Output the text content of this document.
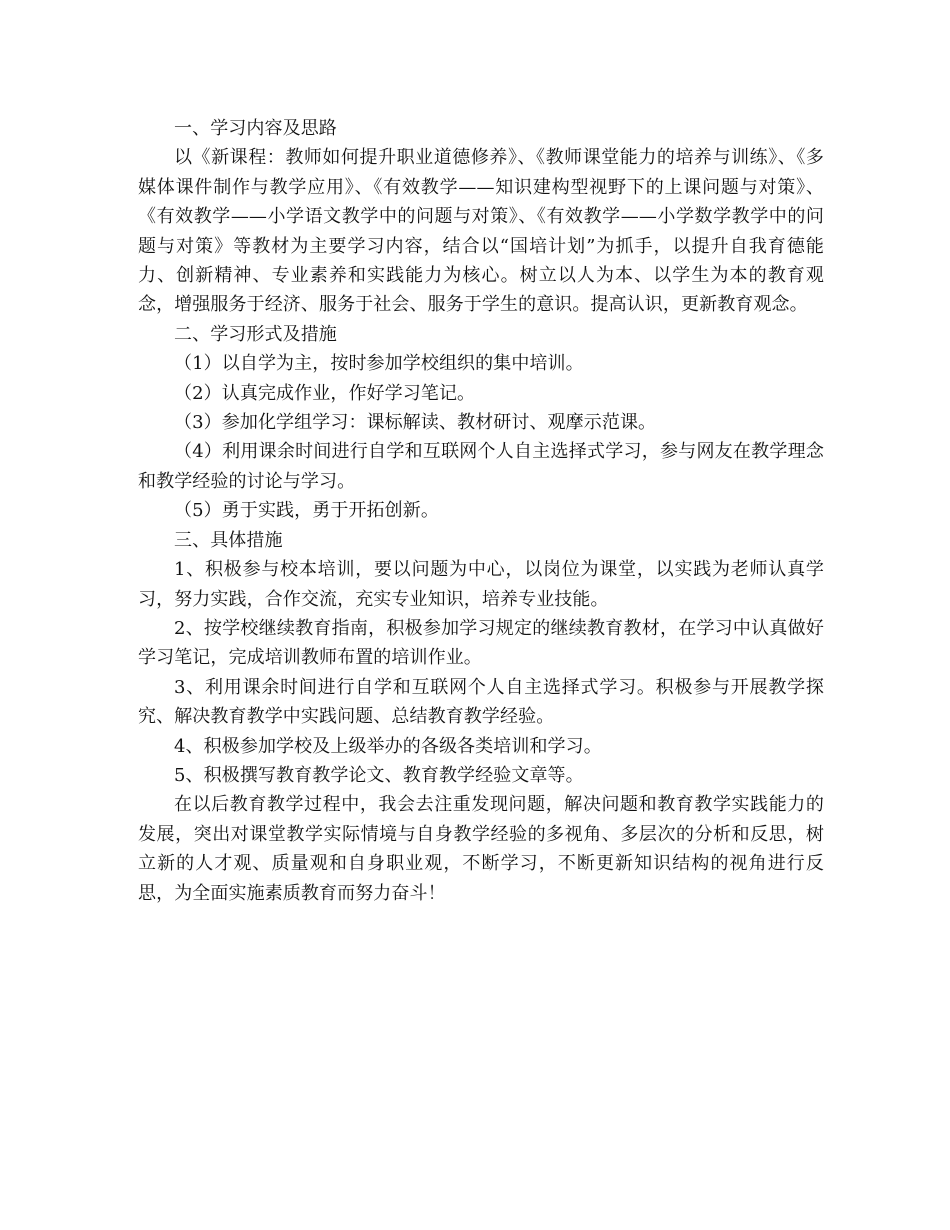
一、学习内容及思路

以《新课程：教师如何提升职业道德修养》、《教师课堂能力的培养与训练》、《多媒体课件制作与教学应用》、《有效教学——知识建构型视野下的上课问题与对策》、《有效教学——小学语文教学中的问题与对策》、《有效教学——小学数学教学中的问题与对策》等教材为主要学习内容，结合以“国培计划”为抓手，以提升自我育德能力、创新精神、专业素养和实践能力为核心。树立以人为本、以学生为本的教育观念，增强服务于经济、服务于社会、服务于学生的意识。提高认识，更新教育观念。

二、学习形式及措施

（1）以自学为主，按时参加学校组织的集中培训。

（2）认真完成作业，作好学习笔记。

（3）参加化学组学习：课标解读、教材研讨、观摩示范课。

（4）利用课余时间进行自学和互联网个人自主选择式学习，参与网友在教学理念和教学经验的讨论与学习。

（5）勇于实践，勇于开拓创新。

三、具体措施

1、积极参与校本培训，要以问题为中心，以岗位为课堂，以实践为老师认真学习，努力实践，合作交流，充实专业知识，培养专业技能。

2、按学校继续教育指南，积极参加学习规定的继续教育教材，在学习中认真做好学习笔记，完成培训教师布置的培训作业。

3、利用课余时间进行自学和互联网个人自主选择式学习。积极参与开展教学探究、解决教育教学中实践问题、总结教育教学经验。

4、积极参加学校及上级举办的各级各类培训和学习。

5、积极撰写教育教学论文、教育教学经验文章等。

在以后教育教学过程中，我会去注重发现问题，解决问题和教育教学实践能力的发展，突出对课堂教学实际情境与自身教学经验的多视角、多层次的分析和反思，树立新的人才观、质量观和自身职业观，不断学习，不断更新知识结构的视角进行反思，为全面实施素质教育而努力奋斗！
